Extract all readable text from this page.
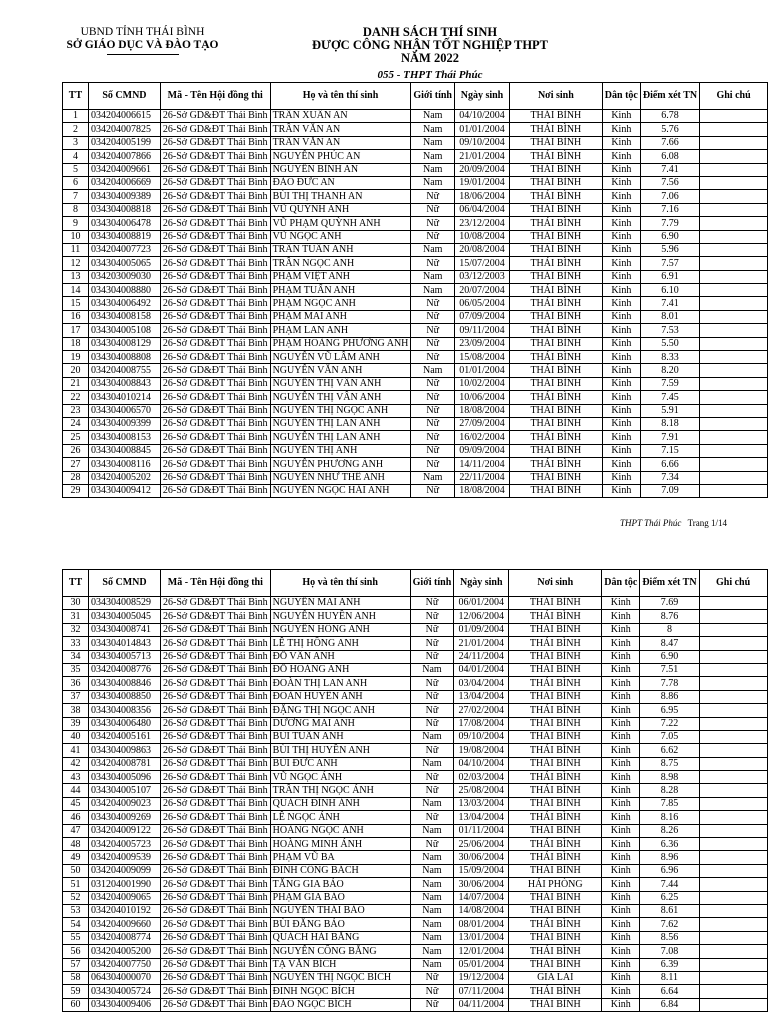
UBND TỈNH THÁI BÌNH
SỞ GIÁO DỤC VÀ ĐÀO TẠO
DANH SÁCH THÍ SINH
ĐƯỢC CÔNG NHẬN TỐT NGHIỆP THPT NĂM 2022
055 - THPT Thái Phúc
TT	Số CMND	Mã - Tên Hội đồng thi	Họ và tên thí sinh	Giới tính	Ngày sinh	Nơi sinh	Dân tộc	Điểm xét TN	Ghi chú
1	034204006615	26-Sở GD&ĐT Thái Bình	TRẦN XUÂN AN	Nam	04/10/2004	THÁI BÌNH	Kinh	6.78	
2	034204007825	26-Sở GD&ĐT Thái Bình	TRẦN VĂN AN	Nam	01/01/2004	THÁI BÌNH	Kinh	5.76	
3	034204005199	26-Sở GD&ĐT Thái Bình	TRẦN VĂN AN	Nam	09/10/2004	THÁI BÌNH	Kinh	7.66	
4	034204007866	26-Sở GD&ĐT Thái Bình	NGUYỄN PHÚC AN	Nam	21/01/2004	THÁI BÌNH	Kinh	6.08	
5	034204009661	26-Sở GD&ĐT Thái Bình	NGUYỄN BÌNH AN	Nam	20/09/2004	THÁI BÌNH	Kinh	7.41	
6	034204006669	26-Sở GD&ĐT Thái Bình	ĐÀO ĐỨC AN	Nam	19/01/2004	THÁI BÌNH	Kinh	7.56	
7	034304009389	26-Sở GD&ĐT Thái Bình	BÙI THỊ THANH AN	Nữ	18/06/2004	THÁI BÌNH	Kinh	7.06	
8	034304008818	26-Sở GD&ĐT Thái Bình	VŨ QUỲNH ANH	Nữ	06/04/2004	THÁI BÌNH	Kinh	7.16	
9	034304006478	26-Sở GD&ĐT Thái Bình	VŨ PHẠM QUỲNH ANH	Nữ	23/12/2004	THÁI BÌNH	Kinh	7.79	
10	034304008819	26-Sở GD&ĐT Thái Bình	VŨ NGỌC ANH	Nữ	10/08/2004	THÁI BÌNH	Kinh	6.90	
11	034204007723	26-Sở GD&ĐT Thái Bình	TRẦN TUẤN ANH	Nam	20/08/2004	THÁI BÌNH	Kinh	5.96	
12	034304005065	26-Sở GD&ĐT Thái Bình	TRẦN NGỌC ANH	Nữ	15/07/2004	THÁI BÌNH	Kinh	7.57	
13	034203009030	26-Sở GD&ĐT Thái Bình	PHẠM VIỆT ANH	Nam	03/12/2003	THÁI BÌNH	Kinh	6.91	
14	034304008880	26-Sở GD&ĐT Thái Bình	PHẠM TUẤN ANH	Nam	20/07/2004	THÁI BÌNH	Kinh	6.10	
15	034304006492	26-Sở GD&ĐT Thái Bình	PHẠM NGỌC ANH	Nữ	06/05/2004	THÁI BÌNH	Kinh	7.41	
16	034304008158	26-Sở GD&ĐT Thái Bình	PHẠM MAI ANH	Nữ	07/09/2004	THÁI BÌNH	Kinh	8.01	
17	034304005108	26-Sở GD&ĐT Thái Bình	PHẠM LAN ANH	Nữ	09/11/2004	THÁI BÌNH	Kinh	7.53	
18	034304008129	26-Sở GD&ĐT Thái Bình	PHẠM HOÀNG PHƯƠNG ANH	Nữ	23/09/2004	THÁI BÌNH	Kinh	5.50	
19	034304008808	26-Sở GD&ĐT Thái Bình	NGUYỄN VŨ LÂM ANH	Nữ	15/08/2004	THÁI BÌNH	Kinh	8.33	
20	034204008755	26-Sở GD&ĐT Thái Bình	NGUYỄN VĂN ANH	Nam	01/01/2004	THÁI BÌNH	Kinh	8.20	
21	034304008843	26-Sở GD&ĐT Thái Bình	NGUYỄN THỊ VÂN ANH	Nữ	10/02/2004	THÁI BÌNH	Kinh	7.59	
22	034304010214	26-Sở GD&ĐT Thái Bình	NGUYỄN THỊ VÂN ANH	Nữ	10/06/2004	THÁI BÌNH	Kinh	7.45	
23	034304006570	26-Sở GD&ĐT Thái Bình	NGUYỄN THỊ NGỌC ANH	Nữ	18/08/2004	THÁI BÌNH	Kinh	5.91	
24	034304009399	26-Sở GD&ĐT Thái Bình	NGUYỄN THỊ LAN ANH	Nữ	27/09/2004	THÁI BÌNH	Kinh	8.18	
25	034304008153	26-Sở GD&ĐT Thái Bình	NGUYỄN THỊ LAN ANH	Nữ	16/02/2004	THÁI BÌNH	Kinh	7.91	
26	034304008845	26-Sở GD&ĐT Thái Bình	NGUYỄN THỊ ANH	Nữ	09/09/2004	THÁI BÌNH	Kinh	7.15	
27	034304008116	26-Sở GD&ĐT Thái Bình	NGUYỄN PHƯƠNG ANH	Nữ	14/11/2004	THÁI BÌNH	Kinh	6.66	
28	034204005202	26-Sở GD&ĐT Thái Bình	NGUYỄN NHƯ THẾ ANH	Nam	22/11/2004	THÁI BÌNH	Kinh	7.34	
29	034304009412	26-Sở GD&ĐT Thái Bình	NGUYỄN NGỌC HẢI ANH	Nữ	18/08/2004	THÁI BÌNH	Kinh	7.09	
THPT Thái Phúc Trang 1/14
TT	Số CMND	Mã - Tên Hội đồng thi	Họ và tên thí sinh	Giới tính	Ngày sinh	Nơi sinh	Dân tộc	Điểm xét TN	Ghi chú
30	034304008529	26-Sở GD&ĐT Thái Bình	NGUYỄN MAI ANH	Nữ	06/01/2004	THÁI BÌNH	Kinh	7.69	
31	034304005045	26-Sở GD&ĐT Thái Bình	NGUYỄN HUYỀN ANH	Nữ	12/06/2004	THÁI BÌNH	Kinh	8.76	
32	034304008741	26-Sở GD&ĐT Thái Bình	NGUYỄN HỒNG ANH	Nữ	01/09/2004	THÁI BÌNH	Kinh	8	
33	034304014843	26-Sở GD&ĐT Thái Bình	LÊ THỊ HỒNG ANH	Nữ	21/01/2004	THÁI BÌNH	Kinh	8.47	
34	034304005713	26-Sở GD&ĐT Thái Bình	ĐỖ VÂN ANH	Nữ	24/11/2004	THÁI BÌNH	Kinh	6.90	
35	034204008776	26-Sở GD&ĐT Thái Bình	ĐỖ HOÀNG ANH	Nam	04/01/2004	THÁI BÌNH	Kinh	7.51	
36	034304008846	26-Sở GD&ĐT Thái Bình	ĐOÀN THỊ LAN ANH	Nữ	03/04/2004	THÁI BÌNH	Kinh	7.78	
37	034304008850	26-Sở GD&ĐT Thái Bình	ĐOÀN HUYỀN ANH	Nữ	13/04/2004	THÁI BÌNH	Kinh	8.86	
38	034304008356	26-Sở GD&ĐT Thái Bình	ĐẶNG THỊ NGỌC ANH	Nữ	27/02/2004	THÁI BÌNH	Kinh	6.95	
39	034304006480	26-Sở GD&ĐT Thái Bình	DƯƠNG MAI ANH	Nữ	17/08/2004	THÁI BÌNH	Kinh	7.22	
40	034204005161	26-Sở GD&ĐT Thái Bình	BÙI TUẤN ANH	Nam	09/10/2004	THÁI BÌNH	Kinh	7.05	
41	034304009863	26-Sở GD&ĐT Thái Bình	BÙI THỊ HUYỀN ANH	Nữ	19/08/2004	THÁI BÌNH	Kinh	6.62	
42	034204008781	26-Sở GD&ĐT Thái Bình	BÙI ĐỨC ANH	Nam	04/10/2004	THÁI BÌNH	Kinh	8.75	
43	034304005096	26-Sở GD&ĐT Thái Bình	VŨ NGỌC ÁNH	Nữ	02/03/2004	THÁI BÌNH	Kinh	8.98	
44	034304005107	26-Sở GD&ĐT Thái Bình	TRẦN THỊ NGỌC ÁNH	Nữ	25/08/2004	THÁI BÌNH	Kinh	8.28	
45	034204009023	26-Sở GD&ĐT Thái Bình	QUÁCH ĐÌNH ÁNH	Nam	13/03/2004	THÁI BÌNH	Kinh	7.85	
46	034304009269	26-Sở GD&ĐT Thái Bình	LÊ NGỌC ÁNH	Nữ	13/04/2004	THÁI BÌNH	Kinh	8.16	
47	034204009122	26-Sở GD&ĐT Thái Bình	HOÀNG NGỌC ÁNH	Nam	01/11/2004	THÁI BÌNH	Kinh	8.26	
48	034204005723	26-Sở GD&ĐT Thái Bình	HOÀNG MINH ÁNH	Nữ	25/06/2004	THÁI BÌNH	Kinh	6.36	
49	034204009539	26-Sở GD&ĐT Thái Bình	PHẠM VŨ BA	Nam	30/06/2004	THÁI BÌNH	Kinh	8.96	
50	034204009099	26-Sở GD&ĐT Thái Bình	ĐINH CÔNG BÁCH	Nam	15/09/2004	THÁI BÌNH	Kinh	6.96	
51	031204001990	26-Sở GD&ĐT Thái Bình	TĂNG GIA BẢO	Nam	30/06/2004	HẢI PHÒNG	Kinh	7.44	
52	034204009065	26-Sở GD&ĐT Thái Bình	PHẠM GIA BẢO	Nam	14/07/2004	THÁI BÌNH	Kinh	6.25	
53	034204010192	26-Sở GD&ĐT Thái Bình	NGUYỄN THÁI BẢO	Nam	14/08/2004	THÁI BÌNH	Kinh	8.61	
54	034204009660	26-Sở GD&ĐT Thái Bình	BÙI ĐĂNG BẢO	Nam	08/01/2004	THÁI BÌNH	Kinh	7.62	
55	034204008774	26-Sở GD&ĐT Thái Bình	QUÁCH HẢI BẰNG	Nam	13/01/2004	THÁI BÌNH	Kinh	8.56	
56	034204005200	26-Sở GD&ĐT Thái Bình	NGUYỄN CÔNG BẰNG	Nam	12/01/2004	THÁI BÌNH	Kinh	7.08	
57	034204007750	26-Sở GD&ĐT Thái Bình	TẠ VĂN BÍCH	Nam	05/01/2004	THÁI BÌNH	Kinh	6.39	
58	064304000070	26-Sở GD&ĐT Thái Bình	NGUYỄN THỊ NGỌC BÍCH	Nữ	19/12/2004	GIA LAI	Kinh	8.11	
59	034304005724	26-Sở GD&ĐT Thái Bình	ĐINH NGỌC BÍCH	Nữ	07/11/2004	THÁI BÌNH	Kinh	6.64	
60	034304009406	26-Sở GD&ĐT Thái Bình	ĐÀO NGỌC BÍCH	Nữ	04/11/2004	THÁI BÌNH	Kinh	6.84	
